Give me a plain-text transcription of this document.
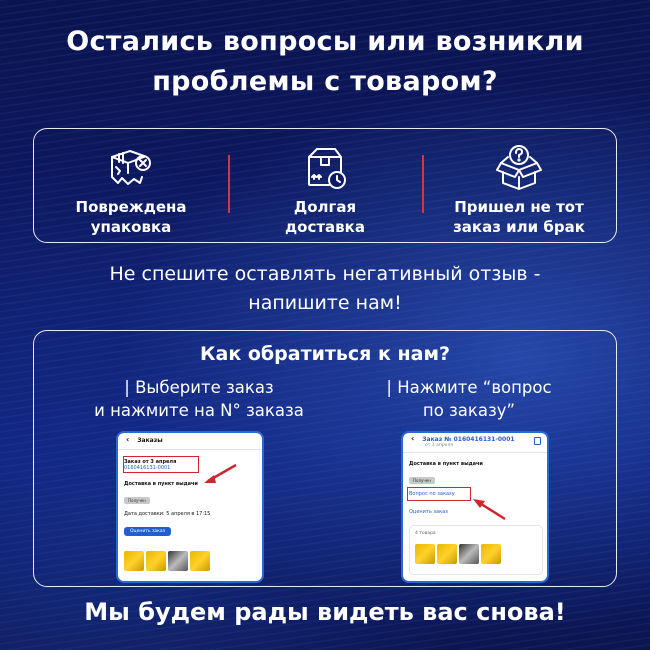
Остались вопросы или возникли
проблемы с товаром?
Повреждена
упаковка
Долгая
доставка
Пришел не тот
заказ или брак
Не спешите оставлять негативный отзыв -
напишите нам!
Как обратиться к нам?
| Выберите заказ
и нажмите на N° заказа
| Нажмите “вопрос
по заказу”
‹ Заказы
Заказ от 3 апреля
0160416131-0001
Доставка в пункт выдачи
Получен
Дата доставки: 5 апреля в 17:15
Оценить заказ
‹ Заказ № 0160416131-0001
от 3 апреля
Доставка в пункт выдачи
Получен
Вопрос по заказу
Оценить заказ
4 товара
Мы будем рады видеть вас снова!
